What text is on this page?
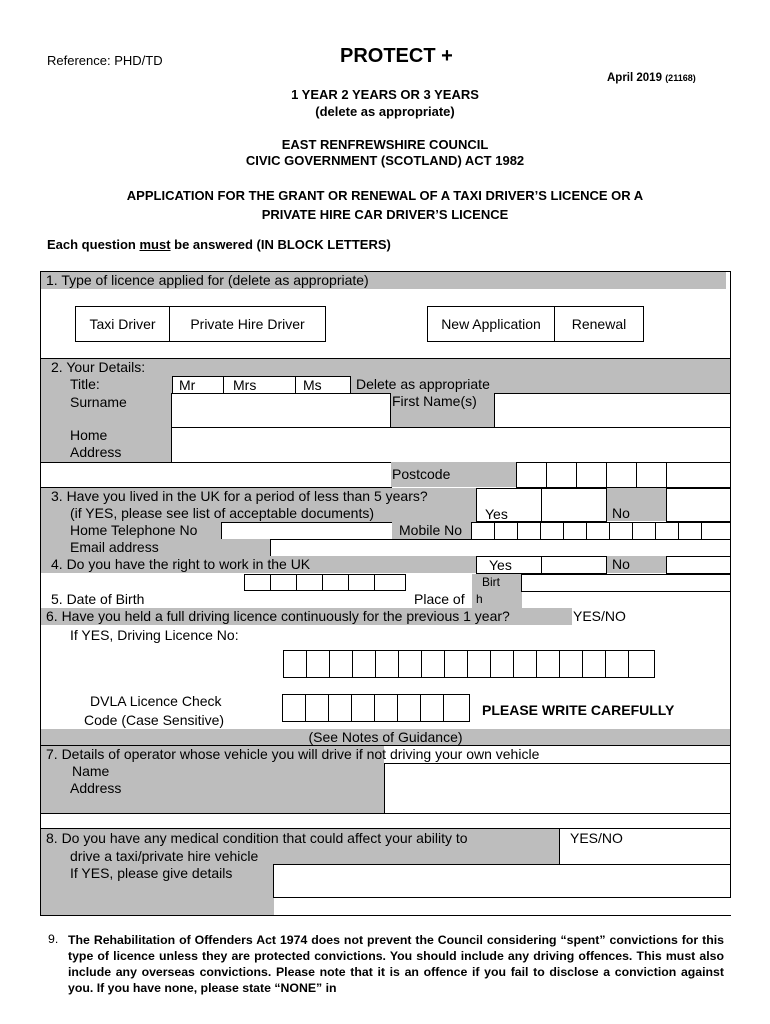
Reference: PHD/TD	PROTECT +
April 2019 (21168)
1 YEAR 2 YEARS OR 3 YEARS
(delete as appropriate)
EAST RENFREWSHIRE COUNCIL
CIVIC GOVERNMENT (SCOTLAND) ACT 1982
APPLICATION FOR THE GRANT OR RENEWAL OF A TAXI DRIVER’S LICENCE OR A
PRIVATE HIRE CAR DRIVER’S LICENCE
Each question must be answered (IN BLOCK LETTERS)
1. Type of licence applied for (delete as appropriate)
Taxi Driver	Private Hire Driver	New Application	Renewal
2. Your Details:
Title:	Mr	Mrs	Ms Delete as appropriate
Surname	First Name(s)
Home
Address
Postcode
3. Have you lived in the UK for a period of less than 5 years?
(if YES, please see list of acceptable documents)	Yes	No
Home Telephone No	Mobile No
Email address
4. Do you have the right to work in the UK	Yes	No
5. Date of Birth	Place of
Birt
h
6. Have you held a full driving licence continuously for the previous 1 year?	YES/NO
If YES, Driving Licence No:
DVLA Licence Check
Code (Case Sensitive)
PLEASE WRITE CAREFULLY
(See Notes of Guidance)
7. Details of operator whose vehicle you will drive if not driving your own vehicle
Name
Address
8. Do you have any medical condition that could affect your ability to
drive a taxi/private hire vehicle
YES/NO
If YES, please give details
9. The Rehabilitation of Offenders Act 1974 does not prevent the Council considering “spent” convictions for this type of licence unless they are protected convictions. You should include any driving offences. This must also include any overseas convictions. Please note that it is an offence if you fail to disclose a conviction against you. If you have none, please state “NONE” in
